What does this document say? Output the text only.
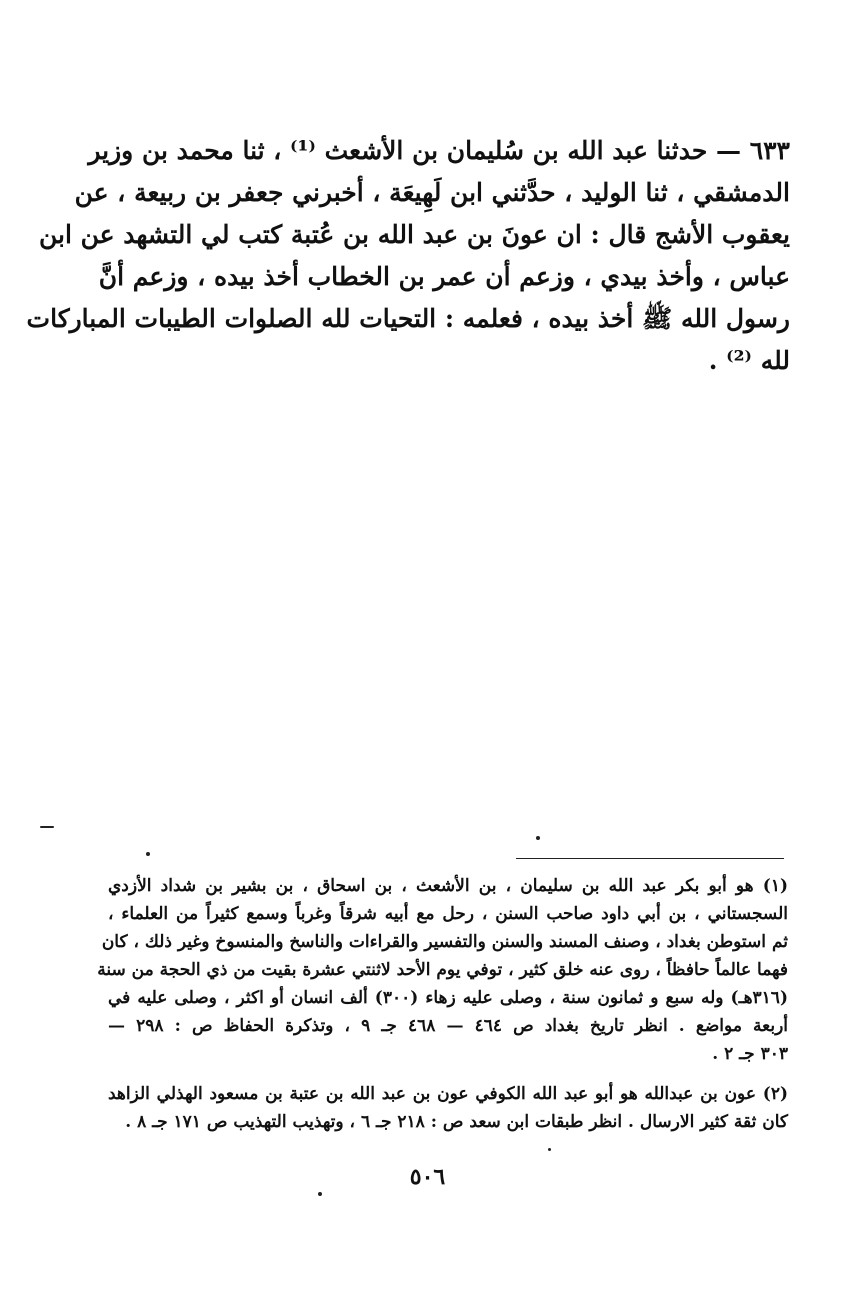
٦٣٣ — حدثنا عبد الله بن سُليمان بن الأشعث ⁽¹⁾ ، ثنا محمد بن وزير
الدمشقي ، ثنا الوليد ، حدَّثني ابن لَهِيعَة ، أخبرني جعفر بن ربيعة ، عن
يعقوب الأشج قال : ان عونَ بن عبد الله بن عُتبة كتب لي التشهد عن ابن
عباس ، وأخذ بيدي ، وزعم أن عمر بن الخطاب أخذ بيده ، وزعم أنَّ
رسول الله ﷺ أخذ بيده ، فعلمه : التحيات لله الصلوات الطيبات المباركات
لله ⁽²⁾ .
(١) هو أبو بكر عبد الله بن سليمان ، بن الأشعث ، بن اسحاق ، بن بشير بن شداد الأزدي
السجستاني ، بن أبي داود صاحب السنن ، رحل مع أبيه شرقاً وغرباً وسمع كثيراً من العلماء ،
ثم استوطن بغداد ، وصنف المسند والسنن والتفسير والقراءات والناسخ والمنسوخ وغير ذلك ، كان
فهما عالماً حافظاً ، روى عنه خلق كثير ، توفي يوم الأحد لاثنتي عشرة بقيت من ذي الحجة من سنة
(٣١٦هـ) وله سبع و ثمانون سنة ، وصلى عليه زهاء (٣٠٠) ألف انسان أو اكثر ، وصلى عليه في
أربعة مواضع . انظر تاريخ بغداد ص ٤٦٤ — ٤٦٨ جـ ٩ ، وتذكرة الحفاظ ص : ٢٩٨ —
٣٠٣ جـ ٢ .
(٢) عون بن عبدالله هو أبو عبد الله الكوفي عون بن عبد الله بن عتبة بن مسعود الهذلي الزاهد
كان ثقة كثير الارسال . انظر طبقات ابن سعد ص : ٢١٨ جـ ٦ ، وتهذيب التهذيب ص ١٧١ جـ ٨ .
٥٠٦
